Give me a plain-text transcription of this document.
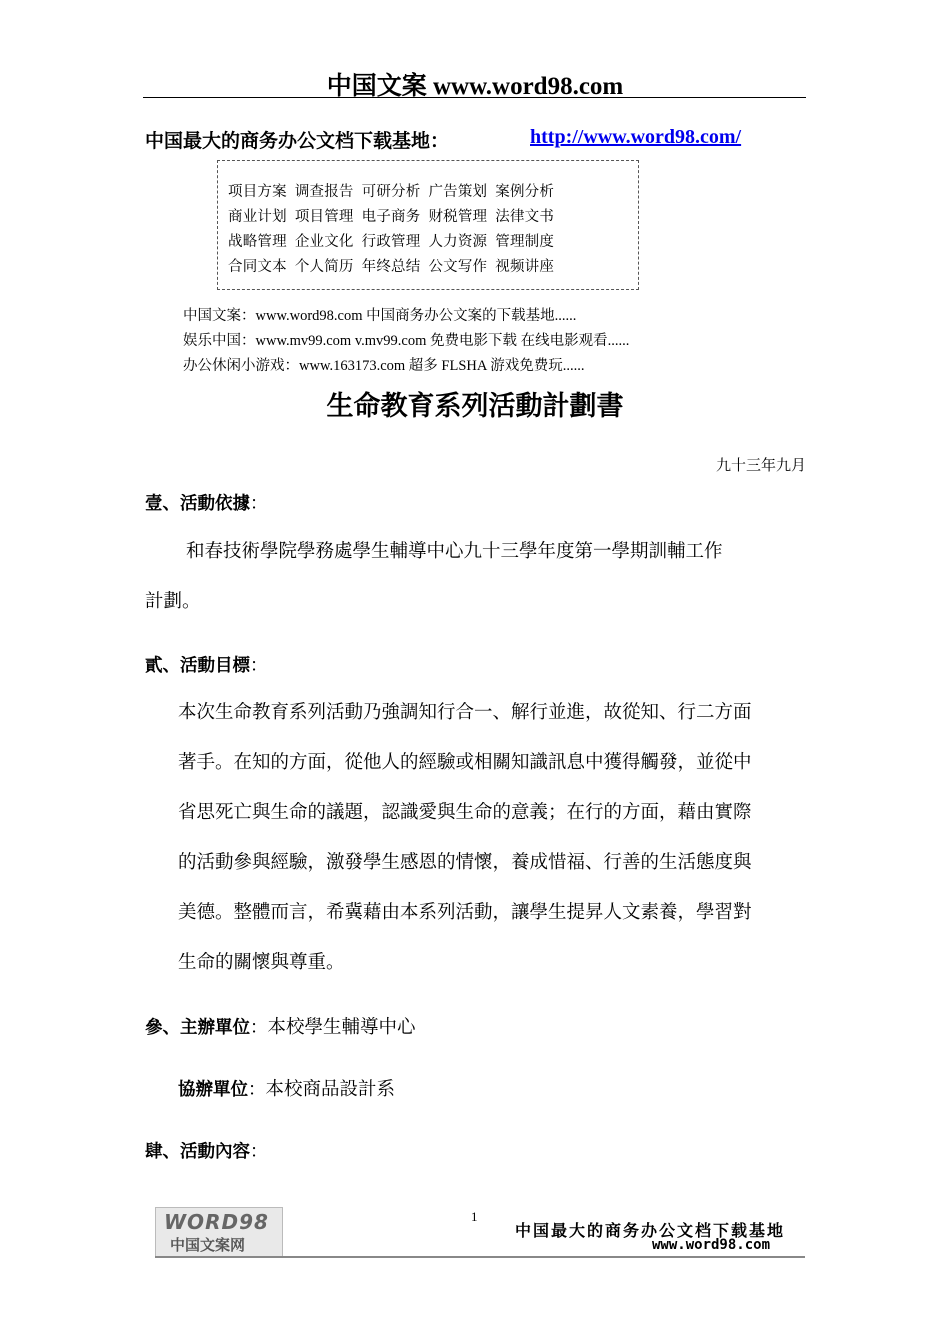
中国文案 www.word98.com
中国最大的商务办公文档下载基地：	http://www.word98.com/
项目方案 调查报告 可研分析 广告策划 案例分析
商业计划 项目管理 电子商务 财税管理 法律文书
战略管理 企业文化 行政管理 人力资源 管理制度
合同文本 个人简历 年终总结 公文写作 视频讲座
中国文案：www.word98.com 中国商务办公文案的下载基地......
娱乐中国：www.mv99.com v.mv99.com 免费电影下载 在线电影观看......
办公休闲小游戏：www.163173.com 超多 FLSHA 游戏免费玩......
生命教育系列活動計劃書
九十三年九月
壹、活動依據：
和春技術學院學務處學生輔導中心九十三學年度第一學期訓輔工作
計劃。
貳、活動目標：
本次生命教育系列活動乃強調知行合一、解行並進，故從知、行二方面
著手。在知的方面，從他人的經驗或相關知識訊息中獲得觸發，並從中
省思死亡與生命的議題，認識愛與生命的意義；在行的方面，藉由實際
的活動參與經驗，激發學生感恩的情懷，養成惜福、行善的生活態度與
美德。整體而言，希冀藉由本系列活動，讓學生提昇人文素養，學習對
生命的關懷與尊重。
參、主辦單位：本校學生輔導中心
協辦單位：本校商品設計系
肆、活動內容：
WORD98
中国文案网
1
中国最大的商务办公文档下载基地
www.word98.com
